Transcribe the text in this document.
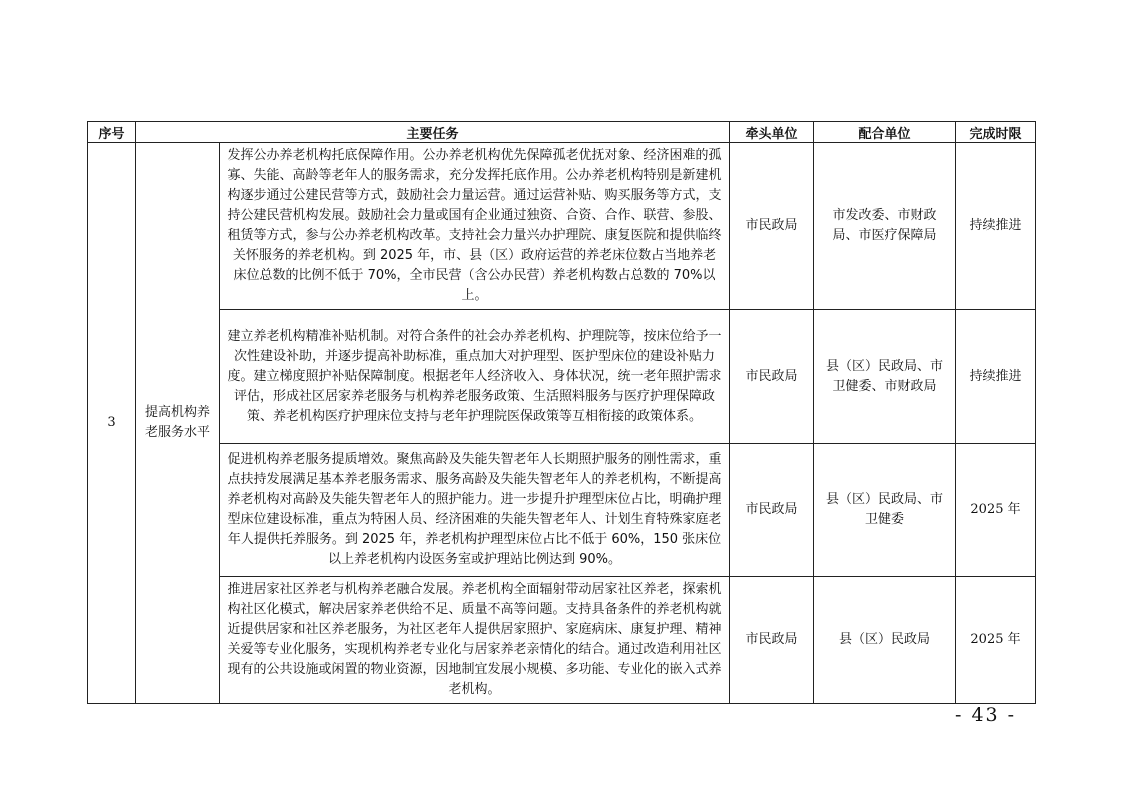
序号	主要任务		牵头单位	配合单位	完成时限
3	提高机构养老服务水平	发挥公办养老机构托底保障作用。公办养老机构优先保障孤老优抚对象、经济困难的孤寡、失能、高龄等老年人的服务需求，充分发挥托底作用。公办养老机构特别是新建机构逐步通过公建民营等方式，鼓励社会力量运营。通过运营补贴、购买服务等方式，支持公建民营机构发展。鼓励社会力量或国有企业通过独资、合资、合作、联营、参股、租赁等方式，参与公办养老机构改革。支持社会力量兴办护理院、康复医院和提供临终关怀服务的养老机构。到 2025 年，市、县（区）政府运营的养老床位数占当地养老床位总数的比例不低于 70%，全市民营（含公办民营）养老机构数占总数的 70%以上。	市民政局	市发改委、市财政局、市医疗保障局	持续推进
		建立养老机构精准补贴机制。对符合条件的社会办养老机构、护理院等，按床位给予一次性建设补助，并逐步提高补助标准，重点加大对护理型、医护型床位的建设补贴力度。建立梯度照护补贴保障制度。根据老年人经济收入、身体状况，统一老年照护需求评估，形成社区居家养老服务与机构养老服务政策、生活照料服务与医疗护理保障政策、养老机构医疗护理床位支持与老年护理院医保政策等互相衔接的政策体系。	市民政局	县（区）民政局、市卫健委、市财政局	持续推进
		促进机构养老服务提质增效。聚焦高龄及失能失智老年人长期照护服务的刚性需求，重点扶持发展满足基本养老服务需求、服务高龄及失能失智老年人的养老机构，不断提高养老机构对高龄及失能失智老年人的照护能力。进一步提升护理型床位占比，明确护理型床位建设标准，重点为特困人员、经济困难的失能失智老年人、计划生育特殊家庭老年人提供托养服务。到 2025 年，养老机构护理型床位占比不低于 60%，150 张床位以上养老机构内设医务室或护理站比例达到 90%。	市民政局	县（区）民政局、市卫健委	2025 年
		推进居家社区养老与机构养老融合发展。养老机构全面辐射带动居家社区养老，探索机构社区化模式，解决居家养老供给不足、质量不高等问题。支持具备条件的养老机构就近提供居家和社区养老服务，为社区老年人提供居家照护、家庭病床、康复护理、精神关爱等专业化服务，实现机构养老专业化与居家养老亲情化的结合。通过改造利用社区现有的公共设施或闲置的物业资源，因地制宜发展小规模、多功能、专业化的嵌入式养老机构。	市民政局	县（区）民政局	2025 年
- 43 -
